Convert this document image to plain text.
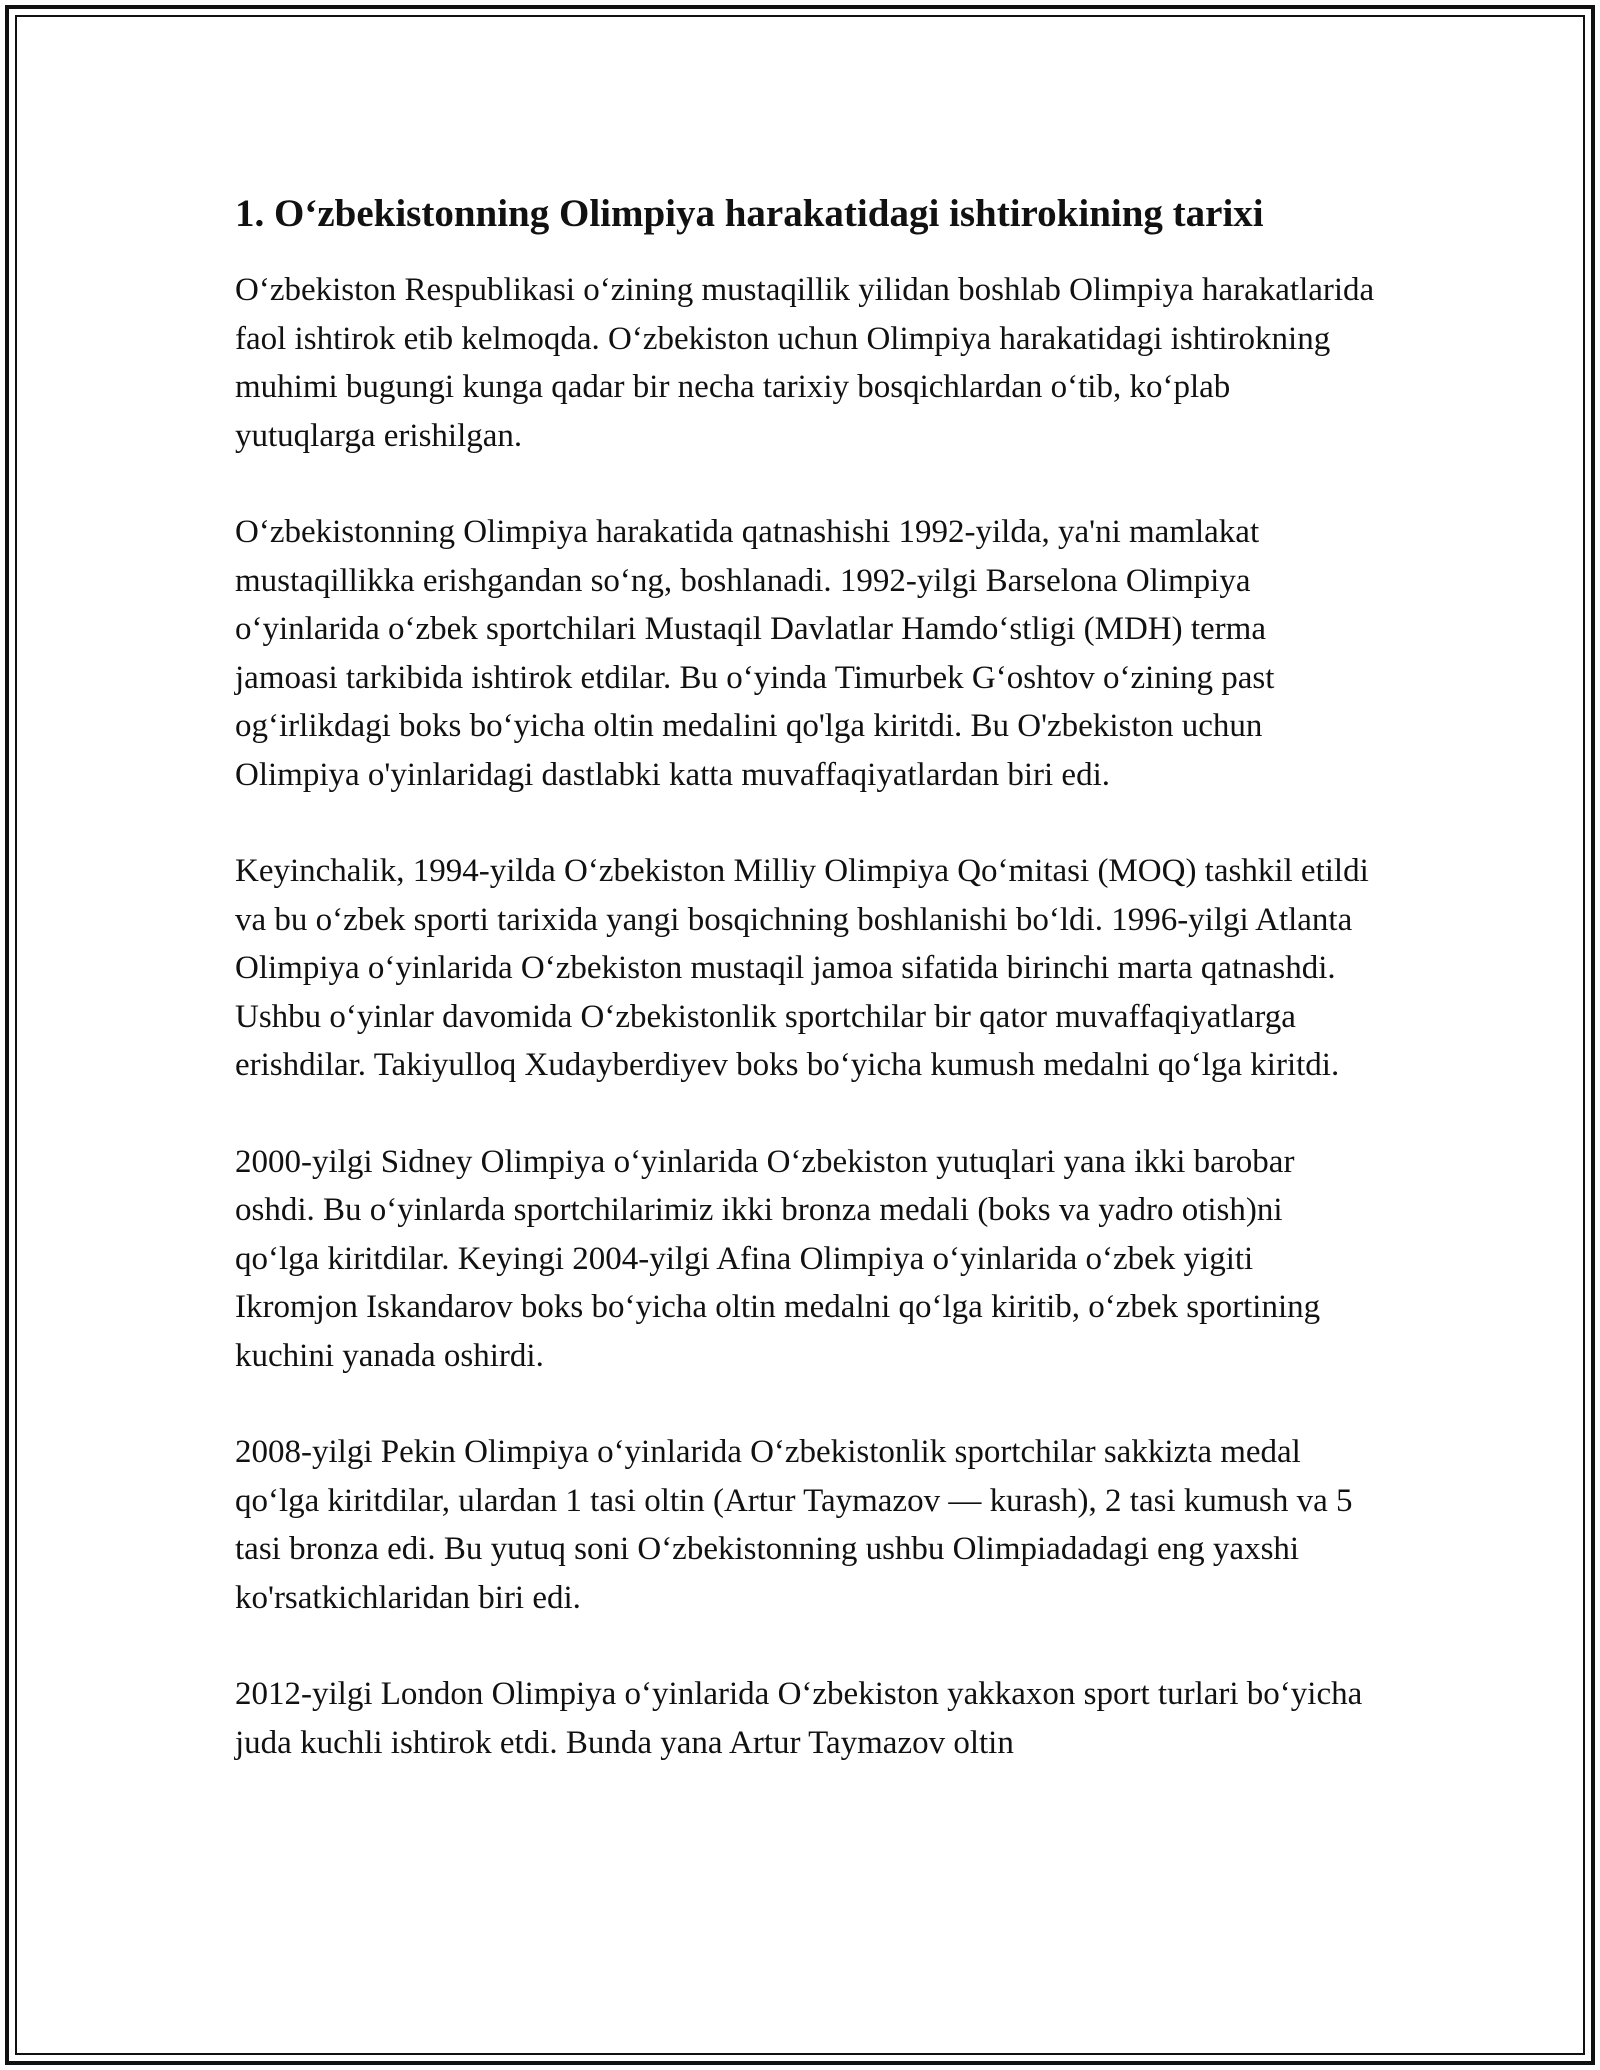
1. O‘zbekistonning Olimpiya harakatidagi ishtirokining tarixi

O‘zbekiston Respublikasi o‘zining mustaqillik yilidan boshlab Olimpiya harakatlarida faol ishtirok etib kelmoqda. O‘zbekiston uchun Olimpiya harakatidagi ishtirokning muhimi bugungi kunga qadar bir necha tarixiy bosqichlardan o‘tib, ko‘plab yutuqlarga erishilgan.

O‘zbekistonning Olimpiya harakatida qatnashishi 1992-yilda, ya'ni mamlakat mustaqillikka erishgandan so‘ng, boshlanadi. 1992-yilgi Barselona Olimpiya o‘yinlarida o‘zbek sportchilari Mustaqil Davlatlar Hamdo‘stligi (MDH) terma jamoasi tarkibida ishtirok etdilar. Bu o‘yinda Timurbek G‘oshtov o‘zining past og‘irlikdagi boks bo‘yicha oltin medalini qo'lga kiritdi. Bu O'zbekiston uchun Olimpiya o'yinlaridagi dastlabki katta muvaffaqiyatlardan biri edi.

Keyinchalik, 1994-yilda O‘zbekiston Milliy Olimpiya Qo‘mitasi (MOQ) tashkil etildi va bu o‘zbek sporti tarixida yangi bosqichning boshlanishi bo‘ldi. 1996-yilgi Atlanta Olimpiya o‘yinlarida O‘zbekiston mustaqil jamoa sifatida birinchi marta qatnashdi. Ushbu o‘yinlar davomida O‘zbekistonlik sportchilar bir qator muvaffaqiyatlarga erishdilar. Takiyulloq Xudayberdiyev boks bo‘yicha kumush medalni qo‘lga kiritdi.

2000-yilgi Sidney Olimpiya o‘yinlarida O‘zbekiston yutuqlari yana ikki barobar oshdi. Bu o‘yinlarda sportchilarimiz ikki bronza medali (boks va yadro otish)ni qo‘lga kiritdilar. Keyingi 2004-yilgi Afina Olimpiya o‘yinlarida o‘zbek yigiti Ikromjon Iskandarov boks bo‘yicha oltin medalni qo‘lga kiritib, o‘zbek sportining kuchini yanada oshirdi.

2008-yilgi Pekin Olimpiya o‘yinlarida O‘zbekistonlik sportchilar sakkizta medal qo‘lga kiritdilar, ulardan 1 tasi oltin (Artur Taymazov — kurash), 2 tasi kumush va 5 tasi bronza edi. Bu yutuq soni O‘zbekistonning ushbu Olimpiadadagi eng yaxshi ko'rsatkichlaridan biri edi.

2012-yilgi London Olimpiya o‘yinlarida O‘zbekiston yakkaxon sport turlari bo‘yicha juda kuchli ishtirok etdi. Bunda yana Artur Taymazov oltin
